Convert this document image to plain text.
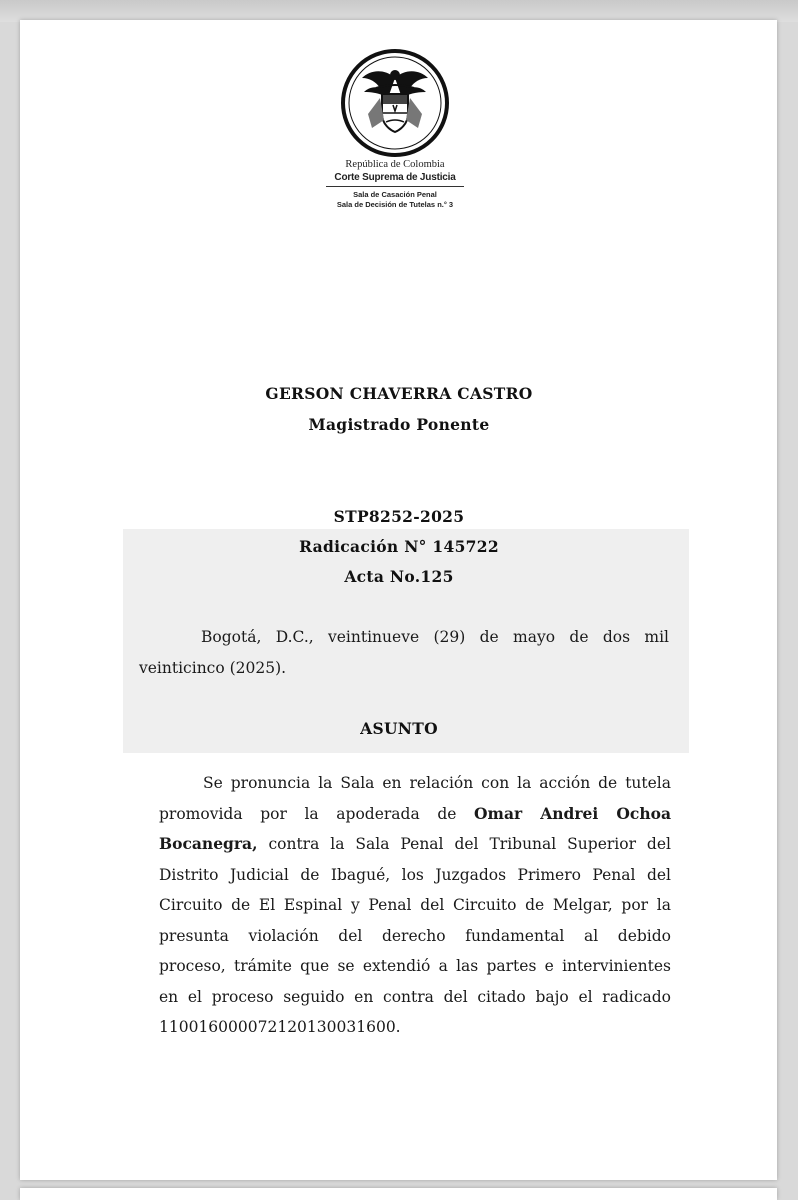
República de Colombia
Corte Suprema de Justicia
Sala de Casación Penal
Sala de Decisión de Tutelas n.° 3
GERSON CHAVERRA CASTRO
Magistrado Ponente
STP8252-2025
Radicación N° 145722
Acta No.125
Bogotá, D.C., veintinueve (29) de mayo de dos mil
veinticinco (2025).
ASUNTO
Se pronuncia la Sala en relación con la acción de tutela
promovida por la apoderada de Omar Andrei Ochoa
Bocanegra, contra la Sala Penal del Tribunal Superior del
Distrito Judicial de Ibagué, los Juzgados Primero Penal del
Circuito de El Espinal y Penal del Circuito de Melgar, por la
presunta violación del derecho fundamental al debido
proceso, trámite que se extendió a las partes e intervinientes
en el proceso seguido en contra del citado bajo el radicado
110016000072120130031600.
